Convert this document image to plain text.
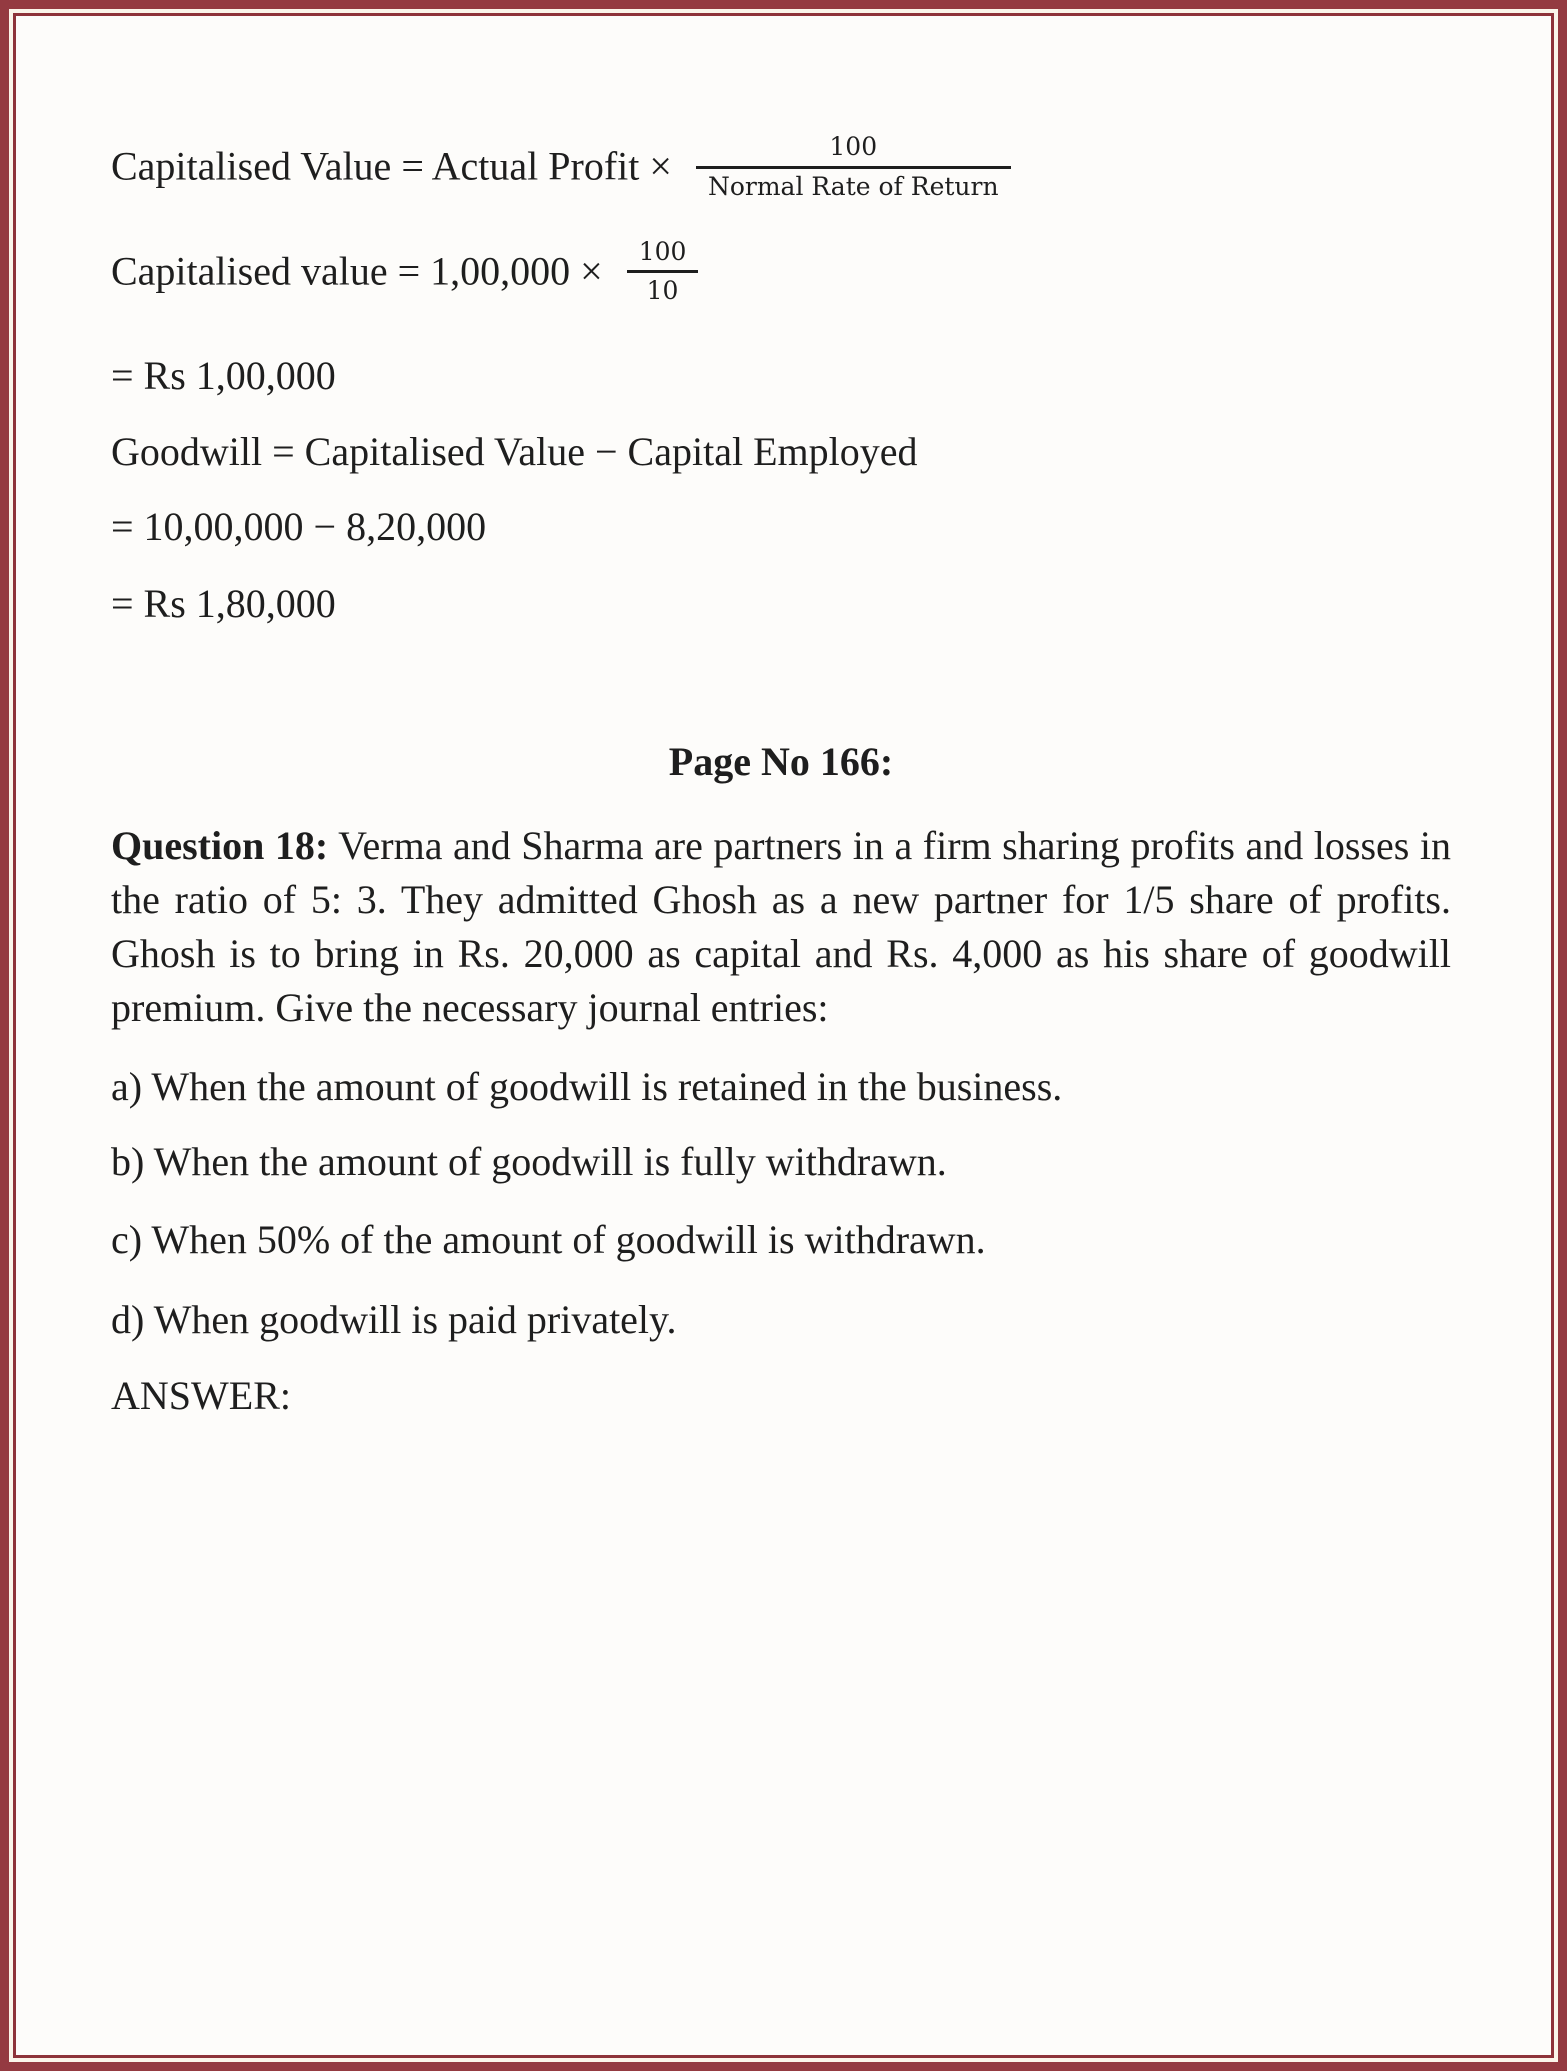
Capitalised Value = Actual Profit × $\frac{100}{\text{Normal Rate of Return}}$
Capitalised value = $1,00,000 \times \frac{100}{10}$
= Rs 1,00,000
Goodwill = Capitalised Value − Capital Employed
= 10,00,000 − 8,20,000
= Rs 1,80,000
Page No 166:

Question 18: Verma and Sharma are partners in a firm sharing profits and losses in the ratio of 5: 3. They admitted Ghosh as a new partner for 1/5 share of profits. Ghosh is to bring in Rs. 20,000 as capital and Rs. 4,000 as his share of goodwill premium. Give the necessary journal entries:

a) When the amount of goodwill is retained in the business.
b) When the amount of goodwill is fully withdrawn.
c) When 50% of the amount of goodwill is withdrawn.
d) When goodwill is paid privately.
ANSWER:
